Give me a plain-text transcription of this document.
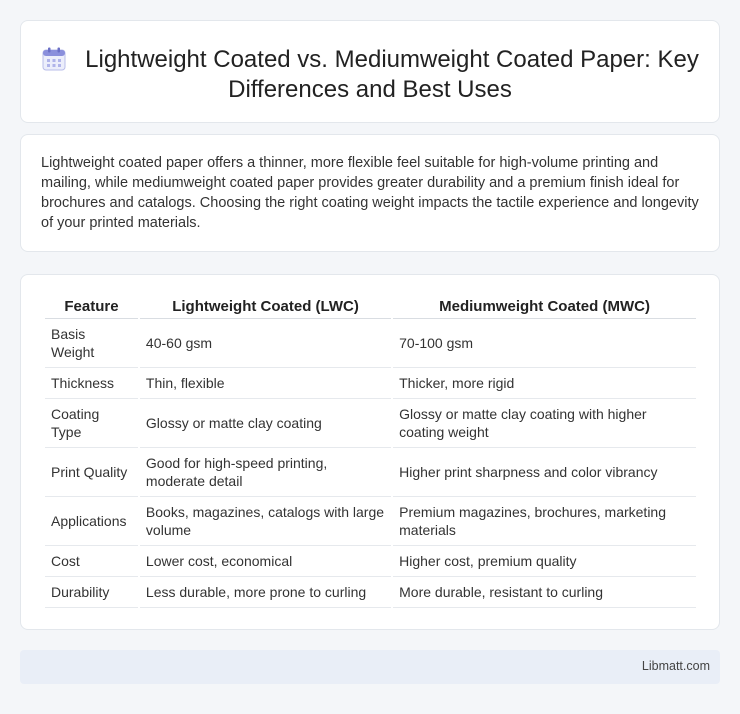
Lightweight Coated vs. Mediumweight Coated Paper: Key Differences and Best Uses

Lightweight coated paper offers a thinner, more flexible feel suitable for high-volume printing and mailing, while mediumweight coated paper provides greater durability and a premium finish ideal for brochures and catalogs. Choosing the right coating weight impacts the tactile experience and longevity of your printed materials.

Feature	Lightweight Coated (LWC)	Mediumweight Coated (MWC)
Basis Weight	40-60 gsm	70-100 gsm
Thickness	Thin, flexible	Thicker, more rigid
Coating Type	Glossy or matte clay coating	Glossy or matte clay coating with higher coating weight
Print Quality	Good for high-speed printing, moderate detail	Higher print sharpness and color vibrancy
Applications	Books, magazines, catalogs with large volume	Premium magazines, brochures, marketing materials
Cost	Lower cost, economical	Higher cost, premium quality
Durability	Less durable, more prone to curling	More durable, resistant to curling
Libmatt.com
